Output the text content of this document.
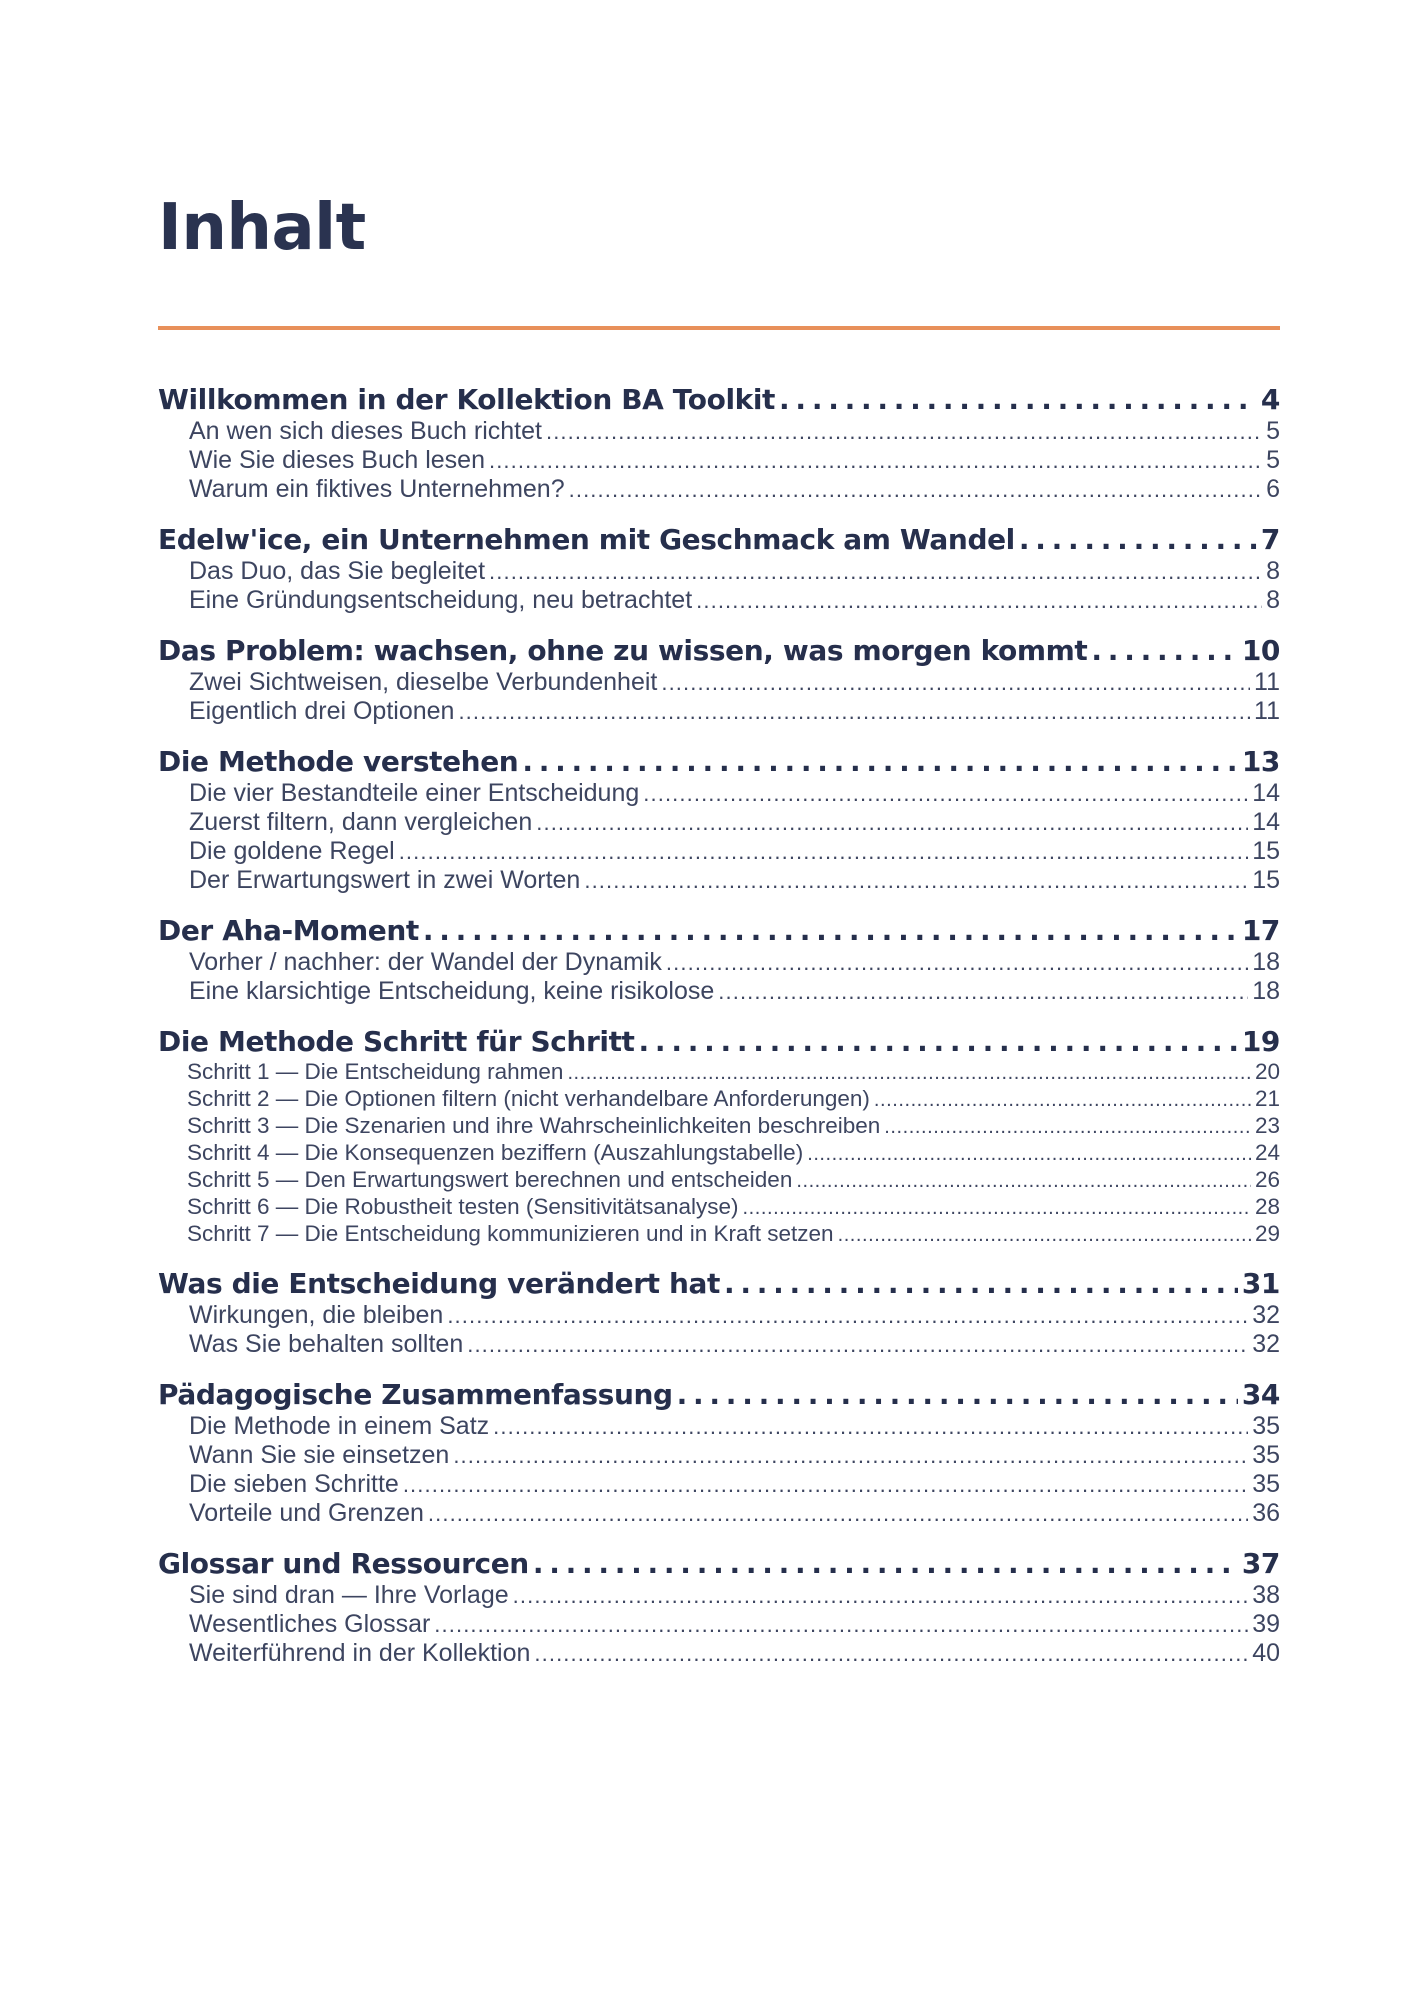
Inhalt
Willkommen in der Kollektion BA Toolkit . . .	4
An wen sich dieses Buch richtet . . .	5
Wie Sie dieses Buch lesen . . .	5
Warum ein fiktives Unternehmen? . . .	6
Edelw'ice, ein Unternehmen mit Geschmack am Wandel . . .	7
Das Duo, das Sie begleitet . . .	8
Eine Gründungsentscheidung, neu betrachtet . . .	8
Das Problem: wachsen, ohne zu wissen, was morgen kommt . . .	10
Zwei Sichtweisen, dieselbe Verbundenheit . . .	11
Eigentlich drei Optionen . . .	11
Die Methode verstehen . . .	13
Die vier Bestandteile einer Entscheidung . . .	14
Zuerst filtern, dann vergleichen . . .	14
Die goldene Regel . . .	15
Der Erwartungswert in zwei Worten . . .	15
Der Aha-Moment . . .	17
Vorher / nachher: der Wandel der Dynamik . . .	18
Eine klarsichtige Entscheidung, keine risikolose . . .	18
Die Methode Schritt für Schritt . . .	19
Schritt 1 — Die Entscheidung rahmen . . .	20
Schritt 2 — Die Optionen filtern (nicht verhandelbare Anforderungen) . . .	21
Schritt 3 — Die Szenarien und ihre Wahrscheinlichkeiten beschreiben . . .	23
Schritt 4 — Die Konsequenzen beziffern (Auszahlungstabelle) . . .	24
Schritt 5 — Den Erwartungswert berechnen und entscheiden . . .	26
Schritt 6 — Die Robustheit testen (Sensitivitätsanalyse) . . .	28
Schritt 7 — Die Entscheidung kommunizieren und in Kraft setzen . . .	29
Was die Entscheidung verändert hat . . .	31
Wirkungen, die bleiben . . .	32
Was Sie behalten sollten . . .	32
Pädagogische Zusammenfassung . . .	34
Die Methode in einem Satz . . .	35
Wann Sie sie einsetzen . . .	35
Die sieben Schritte . . .	35
Vorteile und Grenzen . . .	36
Glossar und Ressourcen . . .	37
Sie sind dran — Ihre Vorlage . . .	38
Wesentliches Glossar . . .	39
Weiterführend in der Kollektion . . .	40
